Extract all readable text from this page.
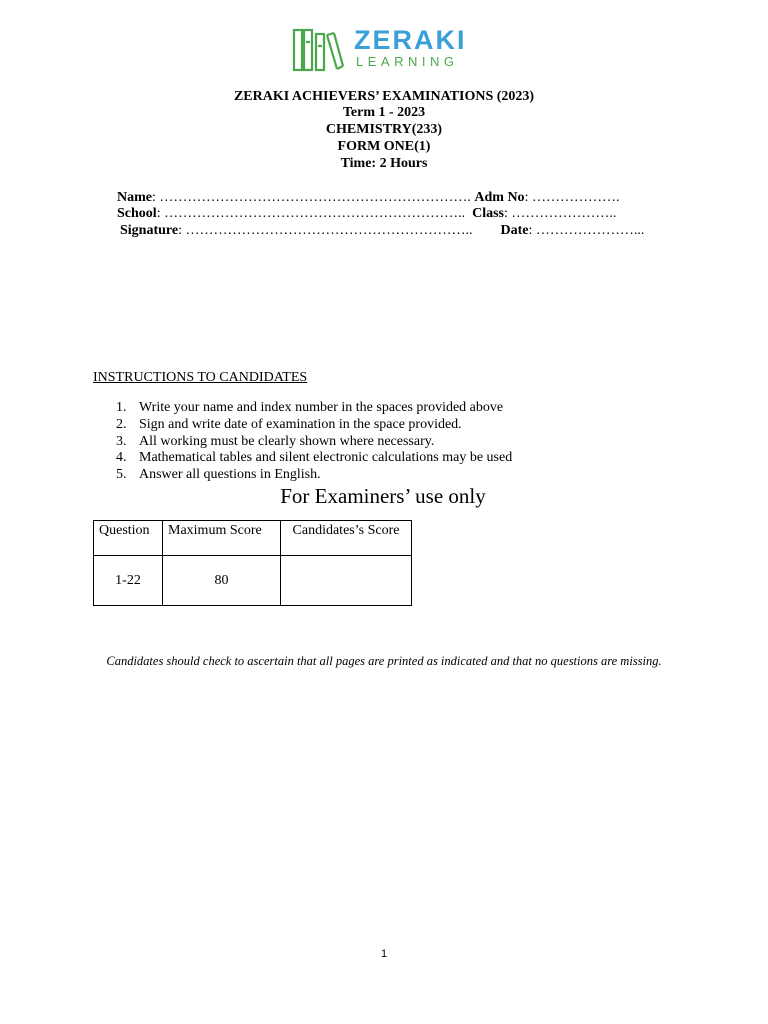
ZERAKI
LEARNING
ZERAKI ACHIEVERS’ EXAMINATIONS (2023)
Term 1 - 2023
CHEMISTRY(233)
FORM ONE(1)
Time: 2 Hours
Name: …………………………………………………………. Adm No: ……………….
School: ……………………………………………………….. Class: …………………..
Signature: …………………………………………………….. Date: …………………...
INSTRUCTIONS TO CANDIDATES
1. Write your name and index number in the spaces provided above
2. Sign and write date of examination in the space provided.
3. All working must be clearly shown where necessary.
4. Mathematical tables and silent electronic calculations may be used
5. Answer all questions in English.
For Examiners’ use only
Question	Maximum Score	Candidates’s Score
1-22	80	
Candidates should check to ascertain that all pages are printed as indicated and that no questions are missing.
1
